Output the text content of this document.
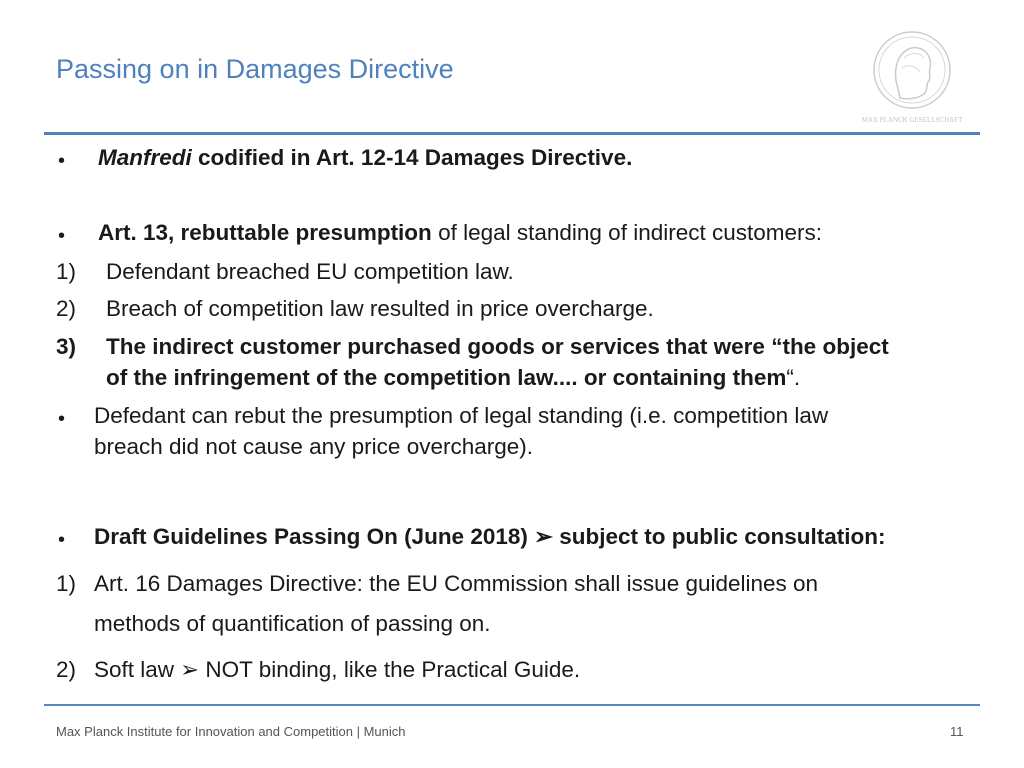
Passing on in Damages Directive
MAX PLANCK GESELLSCHAFT
• Manfredi codified in Art. 12-14 Damages Directive.
• Art. 13, rebuttable presumption of legal standing of indirect customers:
1) Defendant breached EU competition law.
2) Breach of competition law resulted in price overcharge.
3) The indirect customer purchased goods or services that were “the object
of the infringement of the competition law.... or containing them“.
• Defedant can rebut the presumption of legal standing (i.e. competition law
breach did not cause any price overcharge).
• Draft Guidelines Passing On (June 2018) ➢ subject to public consultation:
1) Art. 16 Damages Directive: the EU Commission shall issue guidelines on
methods of quantification of passing on.
2) Soft law ➢ NOT binding, like the Practical Guide.
Max Planck Institute for Innovation and Competition | Munich	11
